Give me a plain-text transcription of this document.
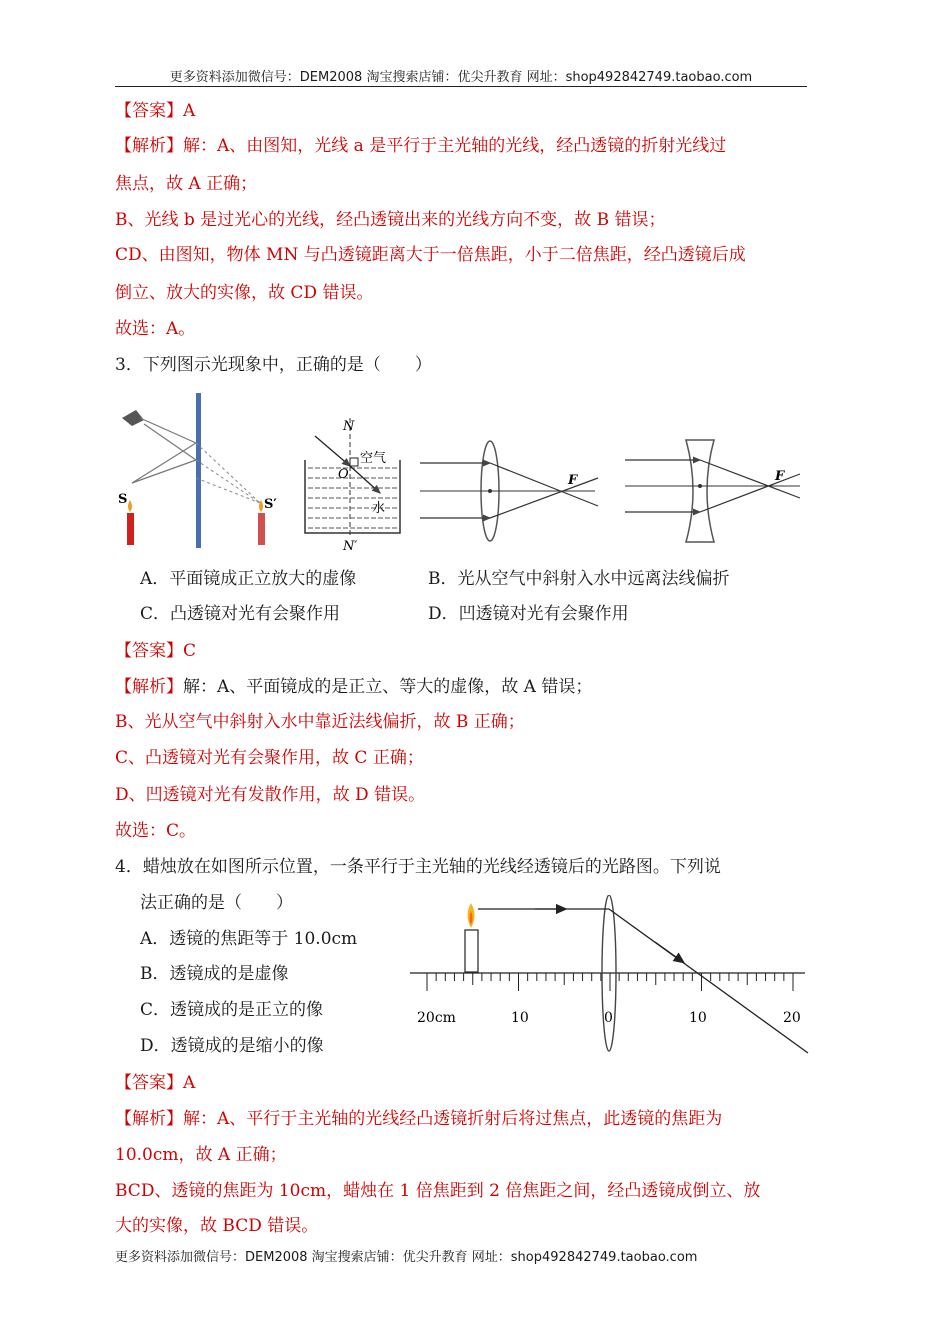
更多资料添加微信号：DEM2008 淘宝搜索店铺：优尖升教育 网址：shop492842749.taobao.com
【答案】A
【解析】解：A、由图知，光线 a 是平行于主光轴的光线，经凸透镜的折射光线过
焦点，故 A 正确；
B、光线 b 是过光心的光线，经凸透镜出来的光线方向不变，故 B 错误；
CD、由图知，物体 MN 与凸透镜距离大于一倍焦距，小于二倍焦距，经凸透镜后成
倒立、放大的实像，故 CD 错误。
故选：A。
3．下列图示光现象中，正确的是（　　）
S	S′
N
N′
O
空气
水
F	F
A．平面镜成正立放大的虚像	B．光从空气中斜射入水中远离法线偏折
C．凸透镜对光有会聚作用	D．凹透镜对光有会聚作用
【答案】C
【解析】解：A、平面镜成的是正立、等大的虚像，故 A 错误；
B、光从空气中斜射入水中靠近法线偏折，故 B 正确；
C、凸透镜对光有会聚作用，故 C 正确；
D、凹透镜对光有发散作用，故 D 错误。
故选：C。
4．蜡烛放在如图所示位置，一条平行于主光轴的光线经透镜后的光路图。下列说
法正确的是（　　）
A．透镜的焦距等于 10.0cm
B．透镜成的是虚像
C．透镜成的是正立的像
D．透镜成的是缩小的像
20cm	10	0	10	20
【答案】A
【解析】解：A、平行于主光轴的光线经凸透镜折射后将过焦点，此透镜的焦距为
10.0cm，故 A 正确；
BCD、透镜的焦距为 10cm，蜡烛在 1 倍焦距到 2 倍焦距之间，经凸透镜成倒立、放
大的实像，故 BCD 错误。
更多资料添加微信号：DEM2008 淘宝搜索店铺：优尖升教育 网址：shop492842749.taobao.com
